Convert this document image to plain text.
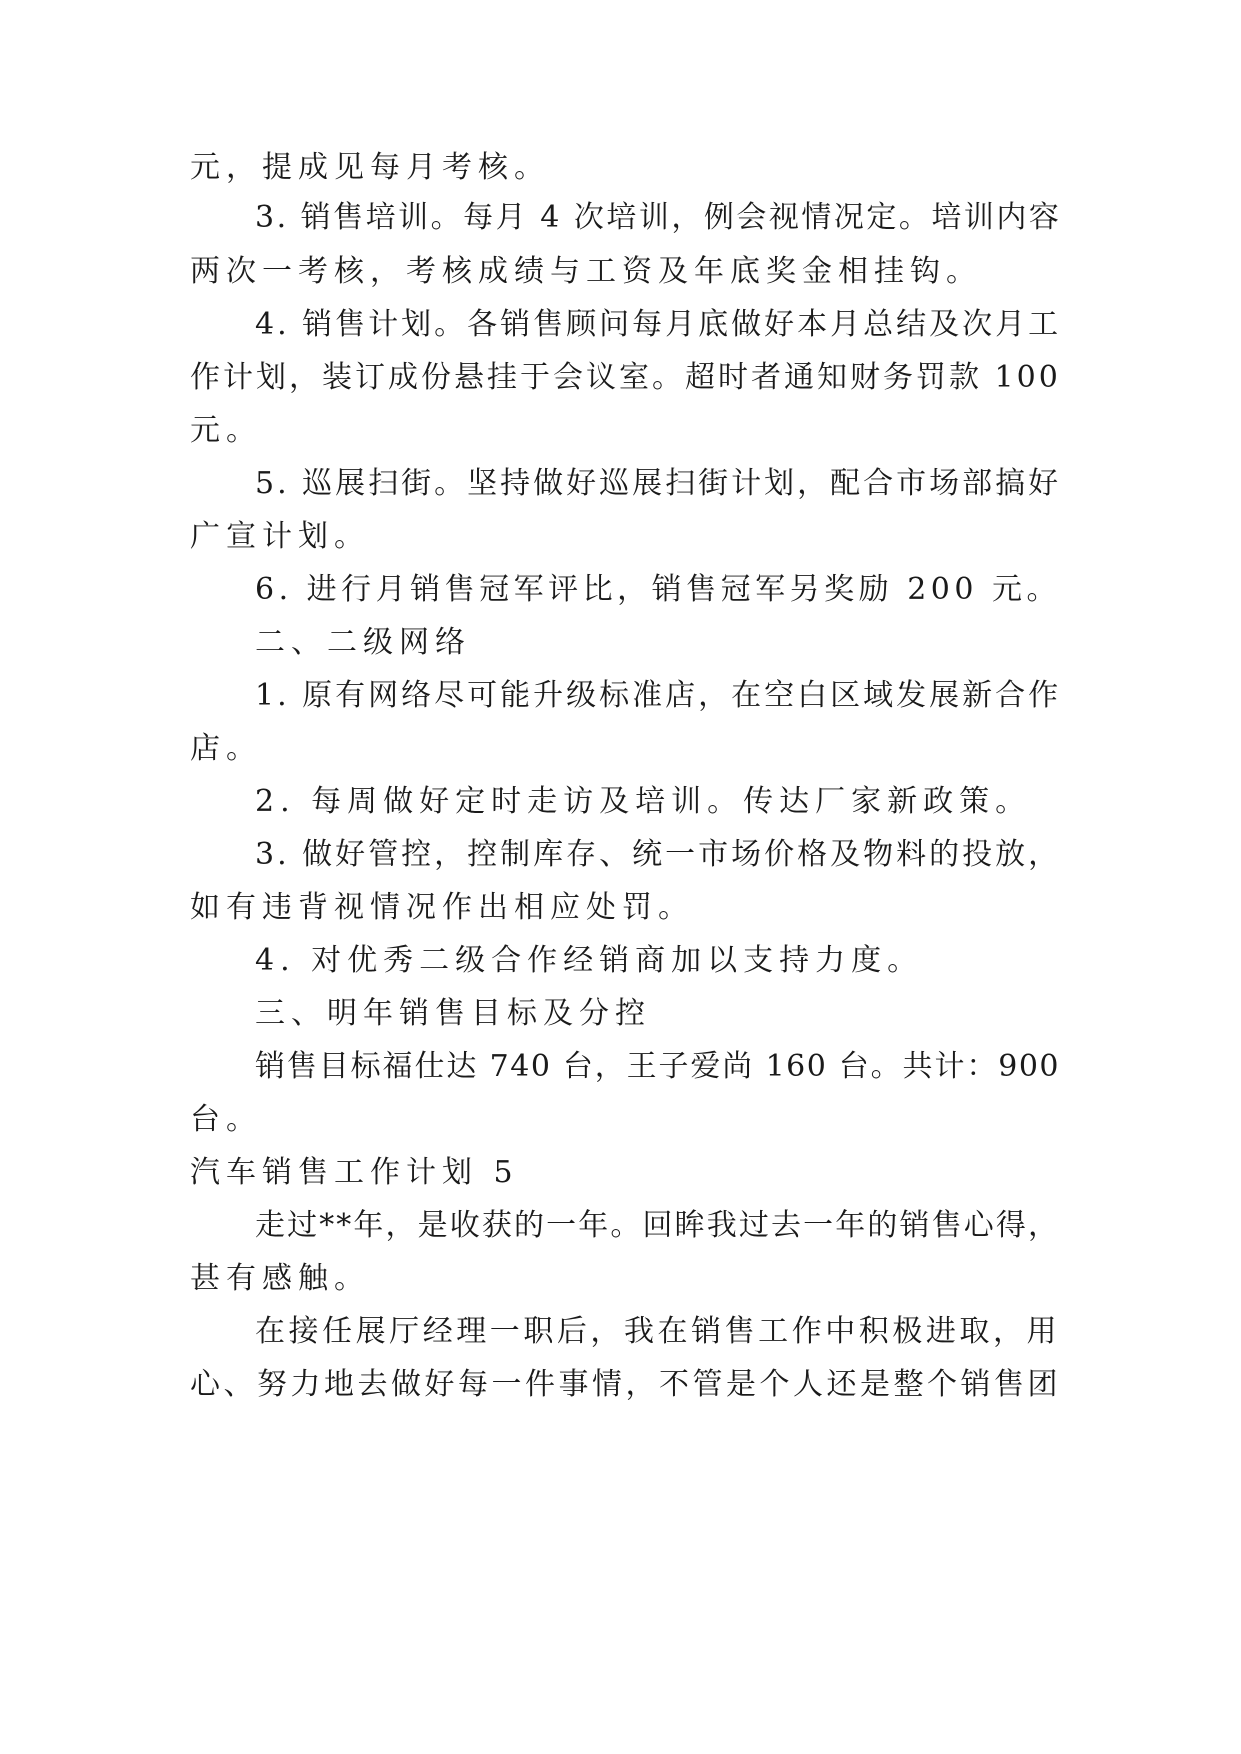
元，提成见每月考核。
3. 销售培训。每月 4 次培训，例会视情况定。培训内容
两次一考核，考核成绩与工资及年底奖金相挂钩。
4. 销售计划。各销售顾问每月底做好本月总结及次月工
作计划，装订成份悬挂于会议室。超时者通知财务罚款 100
元。
5. 巡展扫街。坚持做好巡展扫街计划，配合市场部搞好
广宣计划。
6. 进行月销售冠军评比，销售冠军另奖励 200 元。
二、二级网络
1. 原有网络尽可能升级标准店，在空白区域发展新合作
店。
2. 每周做好定时走访及培训。传达厂家新政策。
3. 做好管控，控制库存、统一市场价格及物料的投放，
如有违背视情况作出相应处罚。
4. 对优秀二级合作经销商加以支持力度。
三、明年销售目标及分控
销售目标福仕达 740 台，王子爱尚 160 台。共计：900
台。
汽车销售工作计划 5
走过**年，是收获的一年。回眸我过去一年的销售心得，
甚有感触。
在接任展厅经理一职后，我在销售工作中积极进取，用
心、努力地去做好每一件事情，不管是个人还是整个销售团
